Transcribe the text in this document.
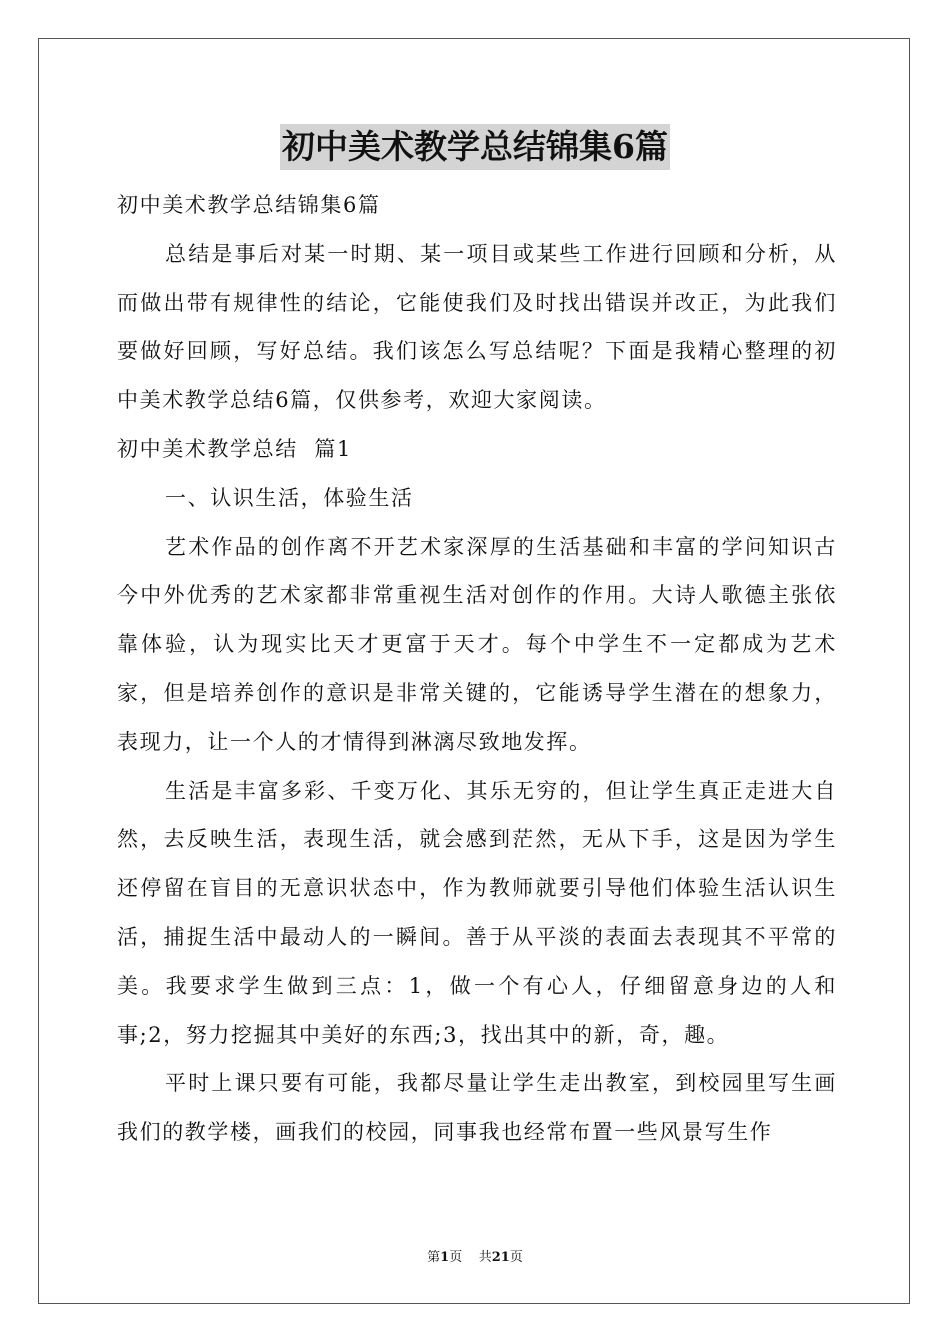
初中美术教学总结锦集6篇

初中美术教学总结锦集6篇

总结是事后对某一时期、某一项目或某些工作进行回顾和分析，从而做出带有规律性的结论，它能使我们及时找出错误并改正，为此我们要做好回顾，写好总结。我们该怎么写总结呢？下面是我精心整理的初中美术教学总结6篇，仅供参考，欢迎大家阅读。

初中美术教学总结  篇1

一、认识生活，体验生活

艺术作品的创作离不开艺术家深厚的生活基础和丰富的学问知识古今中外优秀的艺术家都非常重视生活对创作的作用。大诗人歌德主张依靠体验，认为现实比天才更富于天才。每个中学生不一定都成为艺术家，但是培养创作的意识是非常关键的，它能诱导学生潜在的想象力，表现力，让一个人的才情得到淋漓尽致地发挥。

生活是丰富多彩、千变万化、其乐无穷的，但让学生真正走进大自然，去反映生活，表现生活，就会感到茫然，无从下手，这是因为学生还停留在盲目的无意识状态中，作为教师就要引导他们体验生活认识生活，捕捉生活中最动人的一瞬间。善于从平淡的表面去表现其不平常的美。我要求学生做到三点：1，做一个有心人，仔细留意身边的人和事;2，努力挖掘其中美好的东西;3，找出其中的新，奇，趣。

平时上课只要有可能，我都尽量让学生走出教室，到校园里写生画我们的教学楼，画我们的校园，同事我也经常布置一些风景写生作

第1页    共21页
